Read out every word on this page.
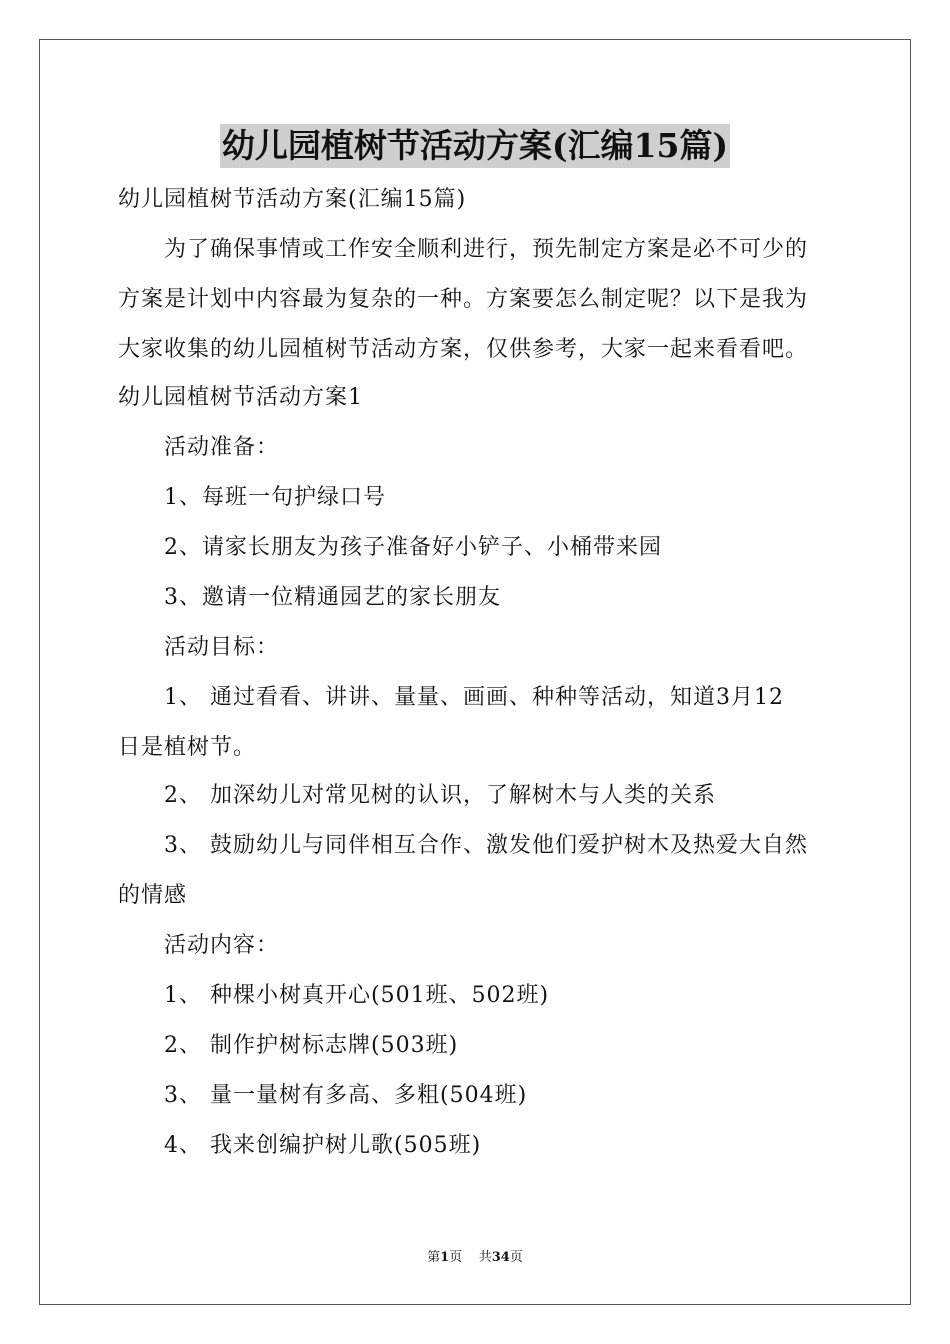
幼儿园植树节活动方案(汇编15篇)
幼儿园植树节活动方案(汇编15篇)
为了确保事情或工作安全顺利进行，预先制定方案是必不可少的
方案是计划中内容最为复杂的一种。方案要怎么制定呢？以下是我为
大家收集的幼儿园植树节活动方案，仅供参考，大家一起来看看吧。
幼儿园植树节活动方案1
活动准备：
1、每班一句护绿口号
2、请家长朋友为孩子准备好小铲子、小桶带来园
3、邀请一位精通园艺的家长朋友
活动目标：
1、 通过看看、讲讲、量量、画画、种种等活动，知道3月12
日是植树节。
2、 加深幼儿对常见树的认识，了解树木与人类的关系
3、 鼓励幼儿与同伴相互合作、激发他们爱护树木及热爱大自然
的情感
活动内容：
1、 种棵小树真开心(501班、502班)
2、 制作护树标志牌(503班)
3、 量一量树有多高、多粗(504班)
4、 我来创编护树儿歌(505班)
第1页 共34页
